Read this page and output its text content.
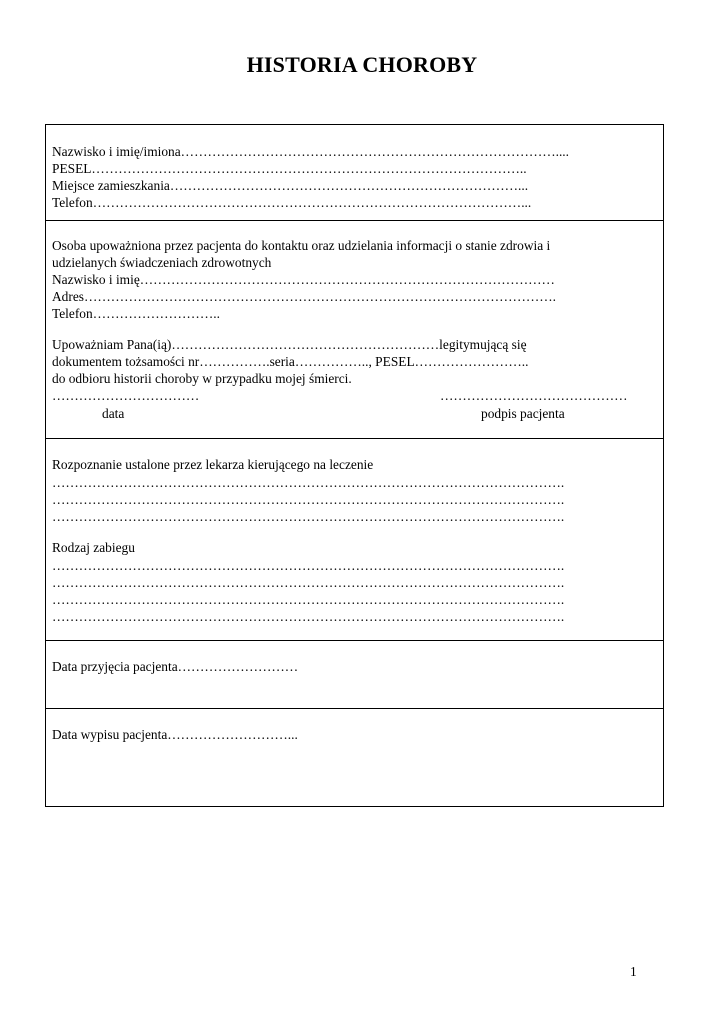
HISTORIA CHOROBY

Nazwisko i imię/imiona…………………………………………………………………………....

PESEL……………………………………………………………………………………..

Miejsce zamieszkania……………………………………………………………………...

Telefon……………………………………………………………………………………...

Osoba upoważniona przez pacjenta do kontaktu oraz udzielania informacji o stanie zdrowia i

udzielanych świadczeniach zdrowotnych

Nazwisko i imię…………………………………………………………………………………

Adres…………………………………………………………………………………………….

Telefon………………………..

Upoważniam Pana(ią)……………………………………………………legitymującą się

dokumentem tożsamości nr…………….seria…………….., PESEL……………………..

do odbioru historii choroby w przypadku mojej śmierci.

……………………………	……………………………………
data	podpis pacjenta

Rozpoznanie ustalone przez lekarza kierującego na leczenie

…………………………………………………………………………………………………….

…………………………………………………………………………………………………….

…………………………………………………………………………………………………….

Rodzaj zabiegu

…………………………………………………………………………………………………….

…………………………………………………………………………………………………….

…………………………………………………………………………………………………….

…………………………………………………………………………………………………….

Data przyjęcia pacjenta………………………

Data wypisu pacjenta………………………...

1
